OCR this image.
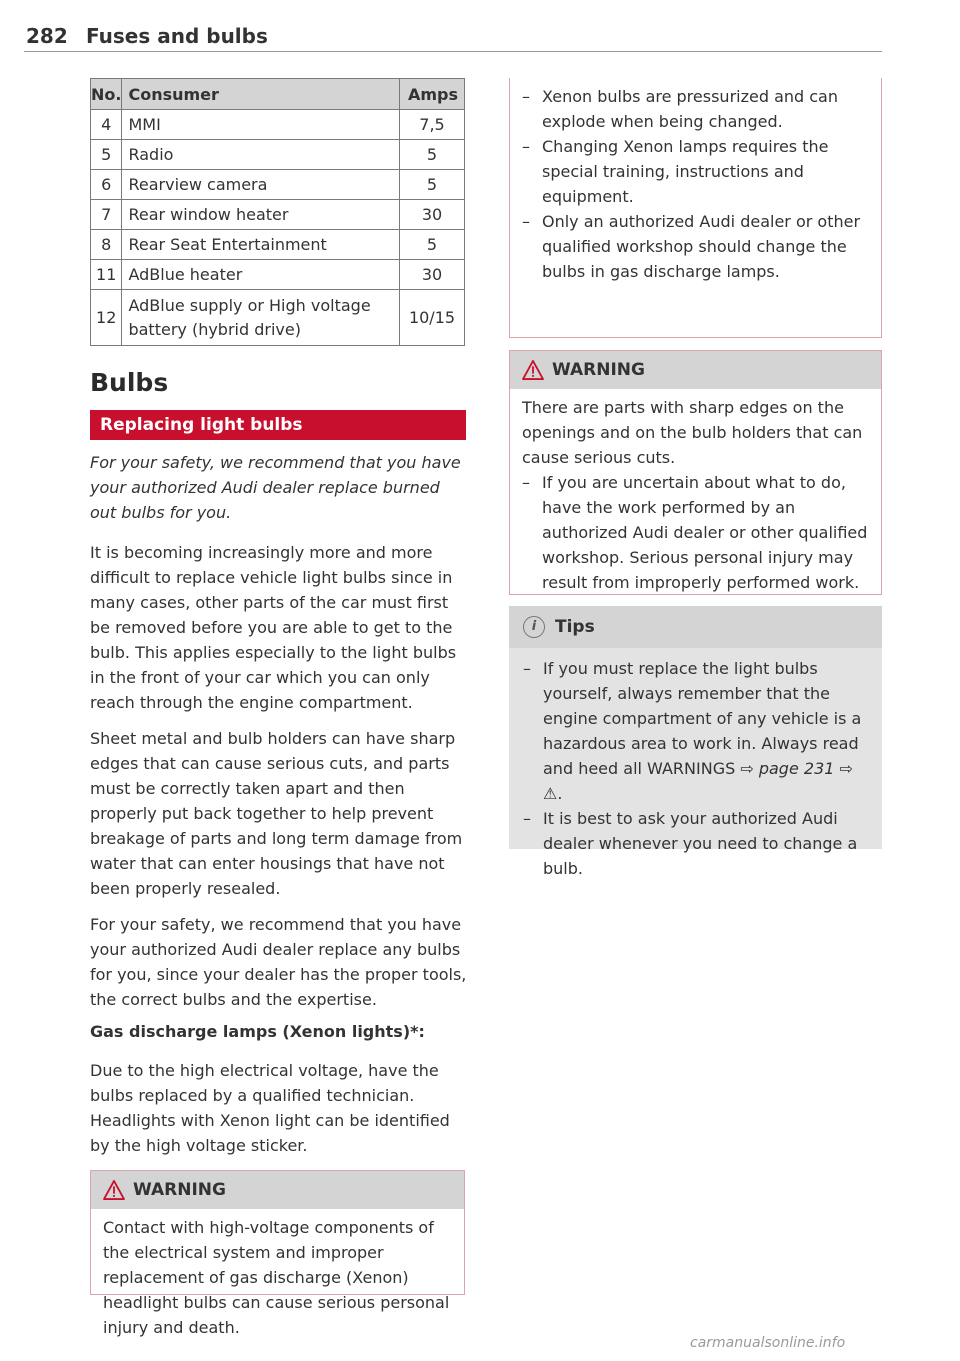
282 Fuses and bulbs
No.	Consumer	Amps
4	MMI	7,5
5	Radio	5
6	Rearview camera	5
7	Rear window heater	30
8	Rear Seat Entertainment	5
11	AdBlue heater	30
12	AdBlue supply or High voltage battery (hybrid drive)	10/15
Bulbs
Replacing light bulbs
For your safety, we recommend that you have your authorized Audi dealer replace burned out bulbs for you.
It is becoming increasingly more and more difficult to replace vehicle light bulbs since in many cases, other parts of the car must first be removed before you are able to get to the bulb. This applies especially to the light bulbs in the front of your car which you can only reach through the engine compartment.
Sheet metal and bulb holders can have sharp edges that can cause serious cuts, and parts must be correctly taken apart and then properly put back together to help prevent breakage of parts and long term damage from water that can enter housings that have not been properly resealed.
For your safety, we recommend that you have your authorized Audi dealer replace any bulbs for you, since your dealer has the proper tools, the correct bulbs and the expertise.
Gas discharge lamps (Xenon lights)*:
Due to the high electrical voltage, have the bulbs replaced by a qualified technician. Headlights with Xenon light can be identified by the high voltage sticker.
WARNING
Contact with high-voltage components of the electrical system and improper replacement of gas discharge (Xenon) headlight bulbs can cause serious personal injury and death.
– Xenon bulbs are pressurized and can explode when being changed.
– Changing Xenon lamps requires the special training, instructions and equipment.
– Only an authorized Audi dealer or other qualified workshop should change the bulbs in gas discharge lamps.
WARNING

There are parts with sharp edges on the openings and on the bulb holders that can cause serious cuts.

– If you are uncertain about what to do, have the work performed by an authorized Audi dealer or other qualified workshop. Serious personal injury may result from improperly performed work.
i	Tips
– If you must replace the light bulbs yourself, always remember that the engine compartment of any vehicle is a hazardous area to work in. Always read and heed all WARNINGS ⇨ page 231 ⇨ ⚠.
– It is best to ask your authorized Audi dealer whenever you need to change a bulb.
carmanualsonline.info
